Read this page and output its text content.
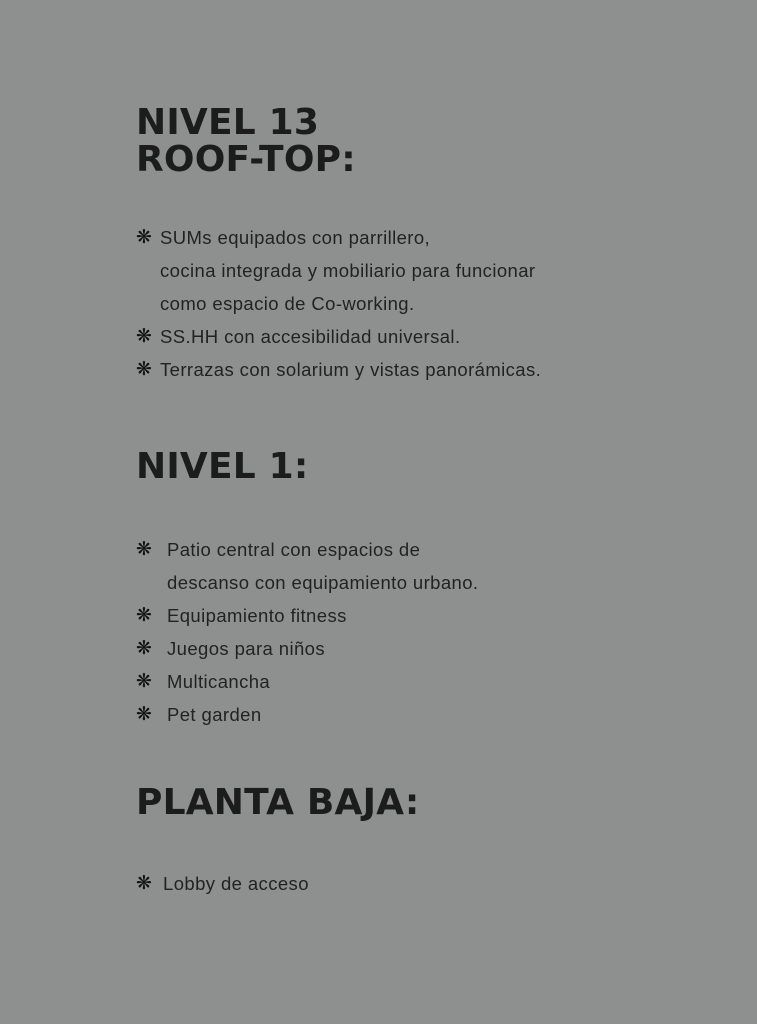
NIVEL 13
ROOF-TOP:
❋ SUMs equipados con parrillero,
cocina integrada y mobiliario para funcionar
como espacio de Co-working.
❋ SS.HH con accesibilidad universal.
❋ Terrazas con solarium y vistas panorámicas.
NIVEL 1:
❋ Patio central con espacios de
descanso con equipamiento urbano.
❋ Equipamiento fitness
❋ Juegos para niños
❋ Multicancha
❋ Pet garden
PLANTA BAJA:
❋ Lobby de acceso
